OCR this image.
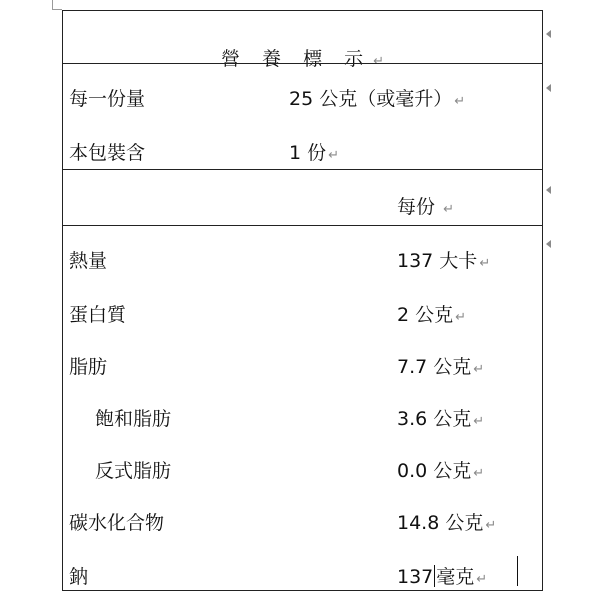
營 養 標 示 ↵
每一份量	25 公克（或毫升） ↵
本包裝含	1 份 ↵
每份 ↵
熱量	137 大卡 ↵
蛋白質	2 公克 ↵
脂肪	7.7 公克 ↵
飽和脂肪	3.6 公克 ↵
反式脂肪	0.0 公克 ↵
碳水化合物	14.8 公克 ↵
鈉	137 毫克 ↵
